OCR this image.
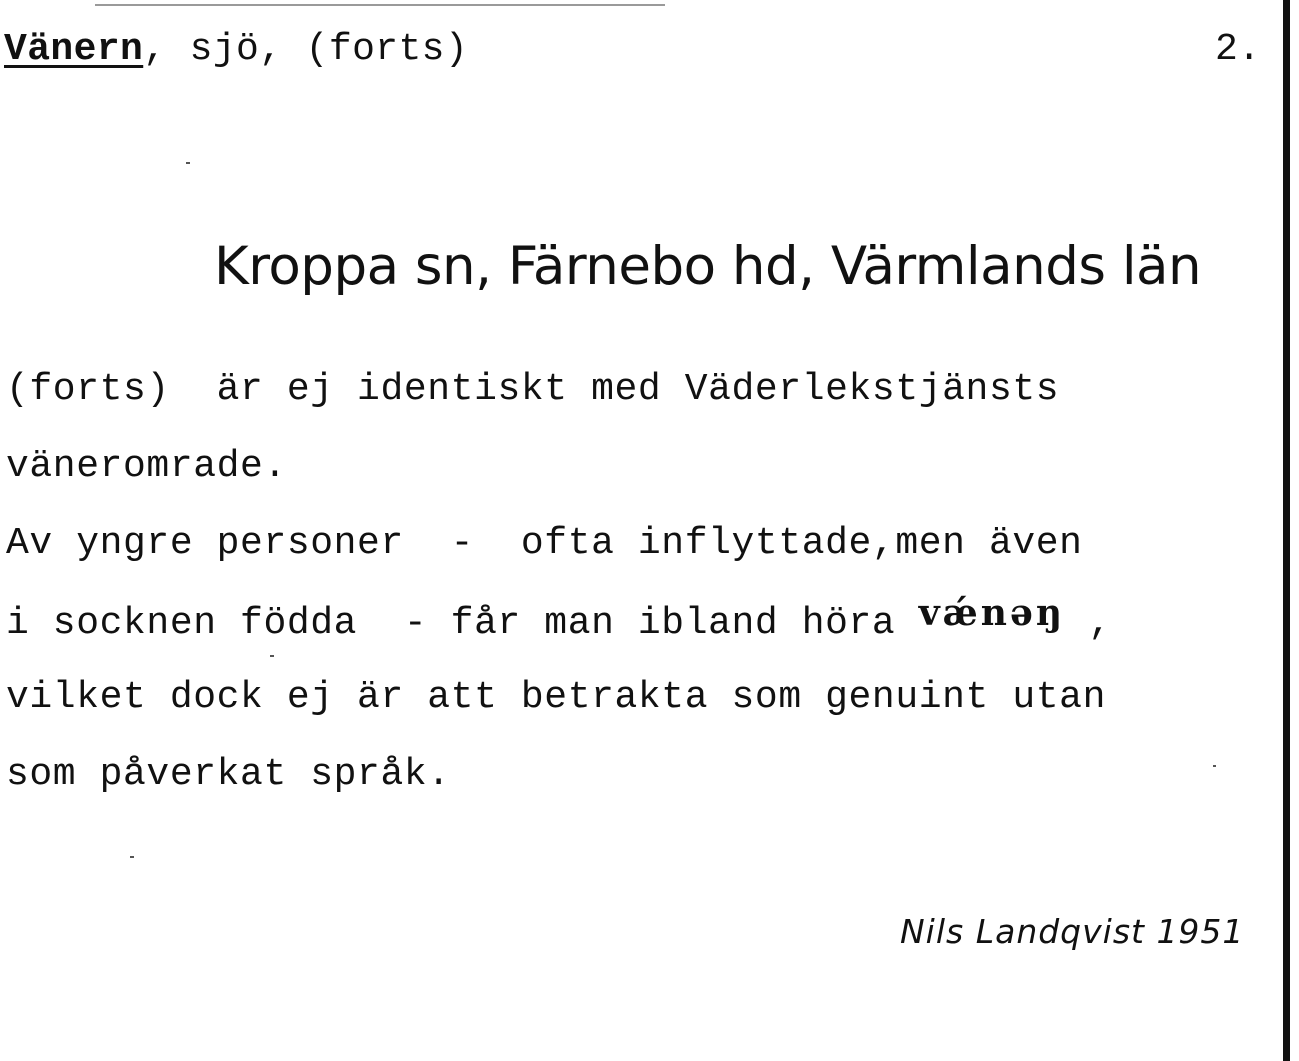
Vänern, sjö, (forts)	2.
Kroppa sn, Färnebo hd, Värmlands län
(forts)  är ej identiskt med Väderlekstjänsts
väneromrade.
Av yngre personer  -  ofta inflyttade,men även
i socknen födda  - får man ibland höra vǽnəŋ ,
vilket dock ej är att betrakta som genuint utan
som påverkat språk.
Nils Landqvist 1951
